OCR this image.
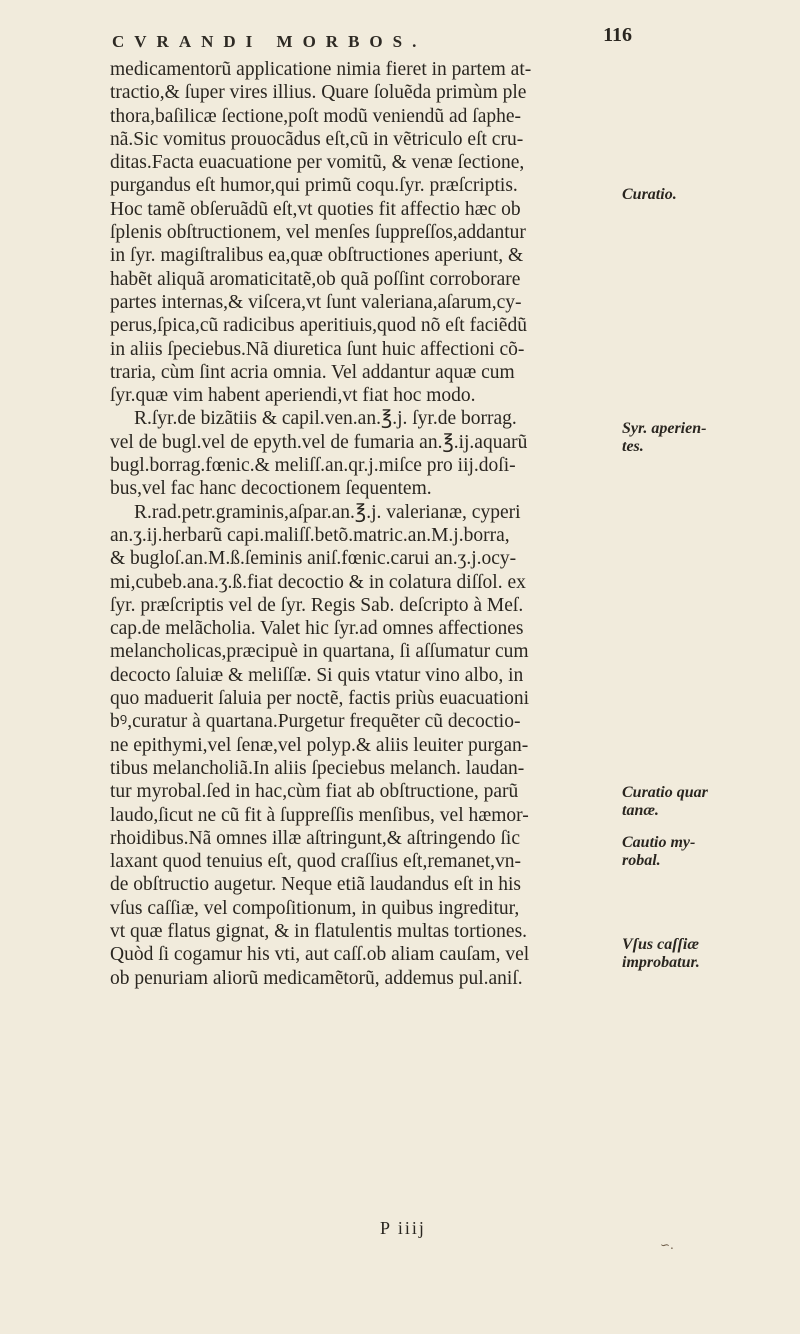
CVRANDI MORBOS.	116
medicamentorũ applicatione nimia fieret in partem at-
tractio,& ſuper vires illius. Quare ſoluẽda primùm ple
thora,baſilicæ ſectione,poſt modũ veniendũ ad ſaphe-
nã.Sic vomitus prouocãdus eſt,cũ in vẽtriculo eſt cru-
ditas.Facta euacuatione per vomitũ, & venæ ſectione,
purgandus eſt humor,qui primũ coqu.ſyr. præſcriptis.
Hoc tamẽ obſeruãdũ eſt,vt quoties fit affectio hæc ob
ſplenis obſtructionem, vel menſes ſuppreſſos,addantur
in ſyr. magiſtralibus ea,quæ obſtructiones aperiunt, &
habẽt aliquã aromaticitatẽ,ob quã poſſint corroborare
partes internas,& viſcera,vt ſunt valeriana,aſarum,cy-
perus,ſpica,cũ radicibus aperitiuis,quod nõ eſt faciẽdũ
in aliis ſpeciebus.Nã diuretica ſunt huic affectioni cõ-
traria, cùm ſint acria omnia. Vel addantur aquæ cum
ſyr.quæ vim habent aperiendi,vt fiat hoc modo.
R.ſyr.de bizãtiis & capil.ven.an.℥.j. ſyr.de borrag.
vel de bugl.vel de epyth.vel de fumaria an.℥.ij.aquarũ
bugl.borrag.fœnic.& meliſſ.an.qr.j.miſce pro iij.doſi-
bus,vel fac hanc decoctionem ſequentem.
R.rad.petr.graminis,aſpar.an.℥.j. valerianæ, cyperi
an.ʒ.ij.herbarũ capi.maliſſ.betõ.matric.an.M.j.borra,
& bugloſ.an.M.ß.ſeminis aniſ.fœnic.carui an.ʒ.j.ocy-
mi,cubeb.ana.ʒ.ß.fiat decoctio & in colatura diſſol. ex
ſyr. præſcriptis vel de ſyr. Regis Sab. deſcripto à Meſ.
cap.de melãcholia. Valet hic ſyr.ad omnes affectiones
melancholicas,præcipuè in quartana, ſi aſſumatur cum
decocto ſaluiæ & meliſſæ. Si quis vtatur vino albo, in
quo maduerit ſaluia per noctẽ, factis priùs euacuationi
bꝰ,curatur à quartana.Purgetur frequẽter cũ decoctio-
ne epithymi,vel ſenæ,vel polyp.& aliis leuiter purgan-
tibus melancholiã.In aliis ſpeciebus melanch. laudan-
tur myrobal.ſed in hac,cùm fiat ab obſtructione, parũ
laudo,ſicut ne cũ fit à ſuppreſſis menſibus, vel hæmor-
rhoidibus.Nã omnes illæ aſtringunt,& aſtringendo ſic
laxant quod tenuius eſt, quod craſſius eſt,remanet,vn-
de obſtructio augetur. Neque etiã laudandus eſt in his
vſus caſſiæ, vel compoſitionum, in quibus ingreditur,
vt quæ flatus gignat, & in flatulentis multas tortiones.
Quòd ſi cogamur his vti, aut caſſ.ob aliam cauſam, vel
ob penuriam aliorũ medicamẽtorũ, addemus pul.aniſ.
Curatio.
Syr. aperien-
tes.
Curatio quar
tanæ.
Cautio my-
robal.
Vſus caſſiæ
improbatur.
P iiij
∽.
